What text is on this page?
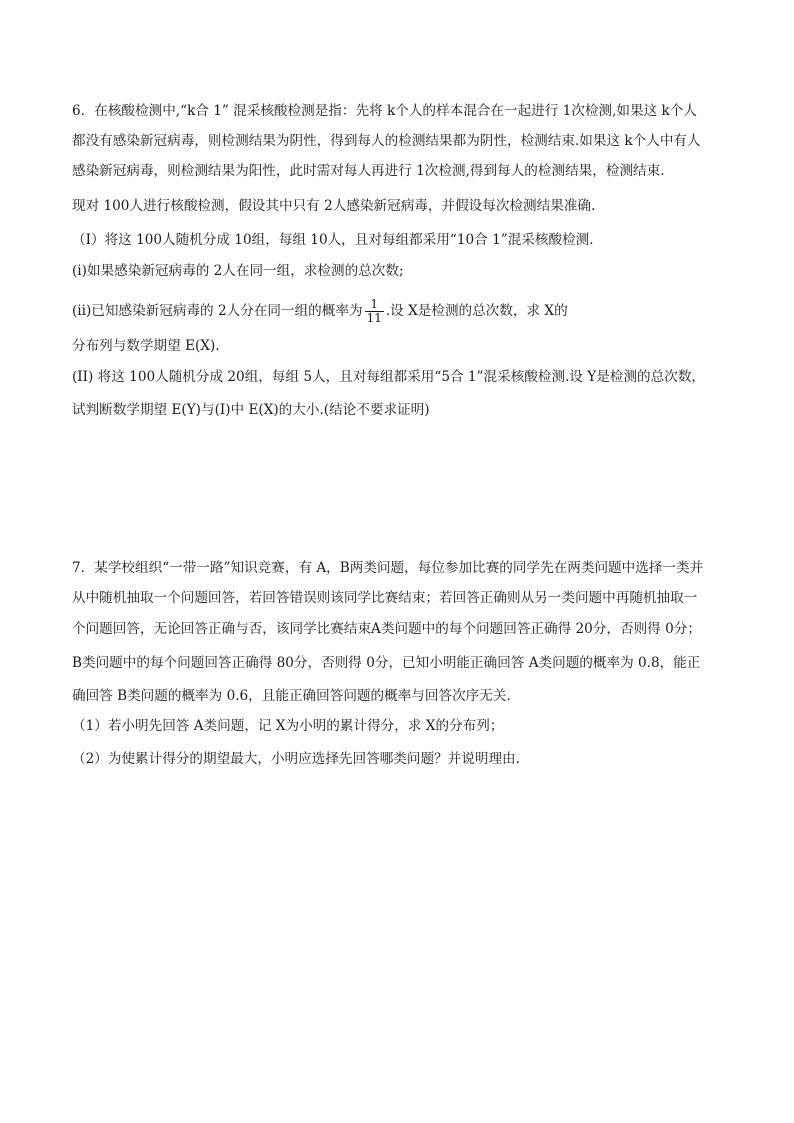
6．在核酸检测中,“k合 1” 混采核酸检测是指：先将 k个人的样本混合在一起进行 1次检测,如果这 k个人
都没有感染新冠病毒，则检测结果为阴性，得到每人的检测结果都为阴性，检测结束.如果这 k个人中有人
感染新冠病毒，则检测结果为阳性，此时需对每人再进行 1次检测,得到每人的检测结果，检测结束.
现对 100人进行核酸检测，假设其中只有 2人感染新冠病毒，并假设每次检测结果准确.
（I）将这 100人随机分成 10组，每组 10人，且对每组都采用“10合 1”混采核酸检测.
(i)如果感染新冠病毒的 2人在同一组，求检测的总次数;
(ii)已知感染新冠病毒的 2人分在同一组的概率为 $\frac{1}{11}$ .设 X是检测的总次数，求 X的
分布列与数学期望 E(X).
(II) 将这 100人随机分成 20组，每组 5人，且对每组都采用“5合 1”混采核酸检测.设 Y是检测的总次数，
试判断数学期望 E(Y)与(I)中 E(X)的大小.(结论不要求证明)
7．某学校组织“一带一路”知识竞赛，有 A，B两类问题，每位参加比赛的同学先在两类问题中选择一类并
从中随机抽取一个问题回答，若回答错误则该同学比赛结束；若回答正确则从另一类问题中再随机抽取一
个问题回答，无论回答正确与否，该同学比赛结束A类问题中的每个问题回答正确得 20分，否则得 0分；
B类问题中的每个问题回答正确得 80分，否则得 0分，已知小明能正确回答 A类问题的概率为 0.8，能正
确回答 B类问题的概率为 0.6，且能正确回答问题的概率与回答次序无关.
（1）若小明先回答 A类问题，记 X为小明的累计得分，求 X的分布列；
（2）为使累计得分的期望最大，小明应选择先回答哪类问题？并说明理由.
